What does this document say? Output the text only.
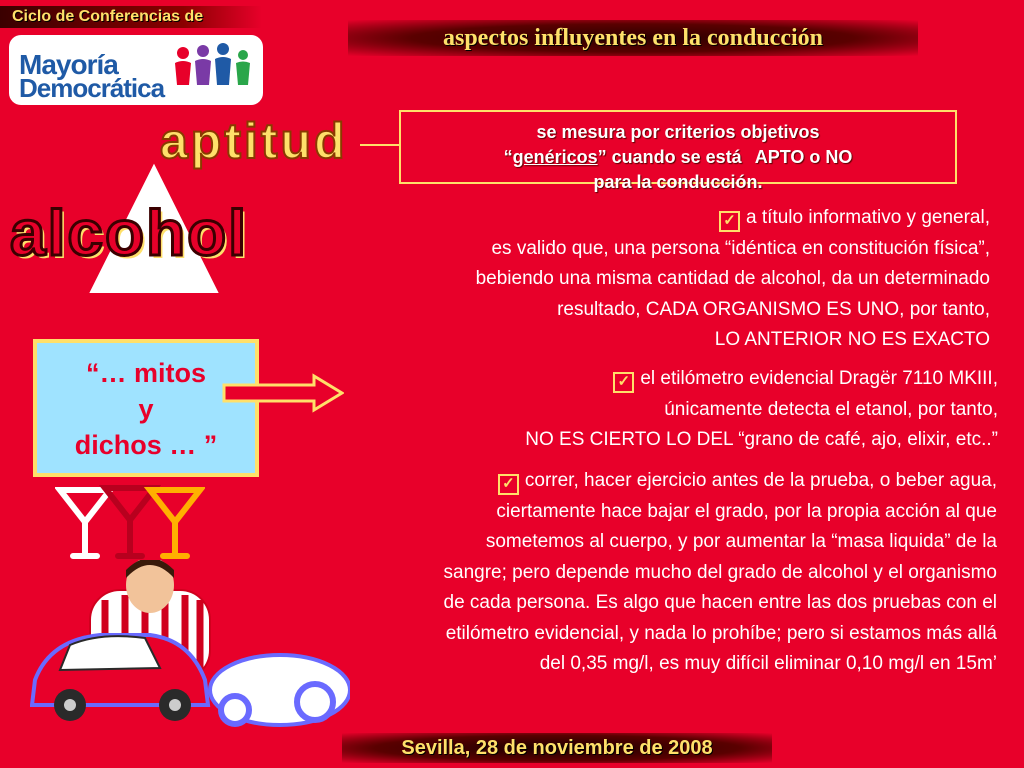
Ciclo de Conferencias de
Mayoría
Democrática
aspectos influyentes en la conducción
aptitud
alcohol
se mesura por criterios objetivos
“genéricos” cuando se está APTO o NO
para la conducción.
✓ a título informativo y general,
es valido que, una persona “idéntica en constitución física”,
bebiendo una misma cantidad de alcohol, da un determinado
resultado, CADA ORGANISMO ES UNO, por tanto,
LO ANTERIOR NO ES EXACTO
✓ el etilómetro evidencial Dragër 7110 MKIII,
únicamente detecta el etanol, por tanto,
NO ES CIERTO LO DEL “grano de café, ajo, elixir, etc..”
✓ correr, hacer ejercicio antes de la prueba, o beber agua,
ciertamente hace bajar el grado, por la propia acción al que
sometemos al cuerpo, y por aumentar la “masa liquida” de la
sangre; pero depende mucho del grado de alcohol y el organismo
de cada persona. Es algo que hacen entre las dos pruebas con el
etilómetro evidencial, y nada lo prohíbe; pero si estamos más allá
del 0,35 mg/l, es muy difícil eliminar 0,10 mg/l en 15m’
“… mitos
y
dichos … ”
Sevilla, 28 de noviembre de 2008
